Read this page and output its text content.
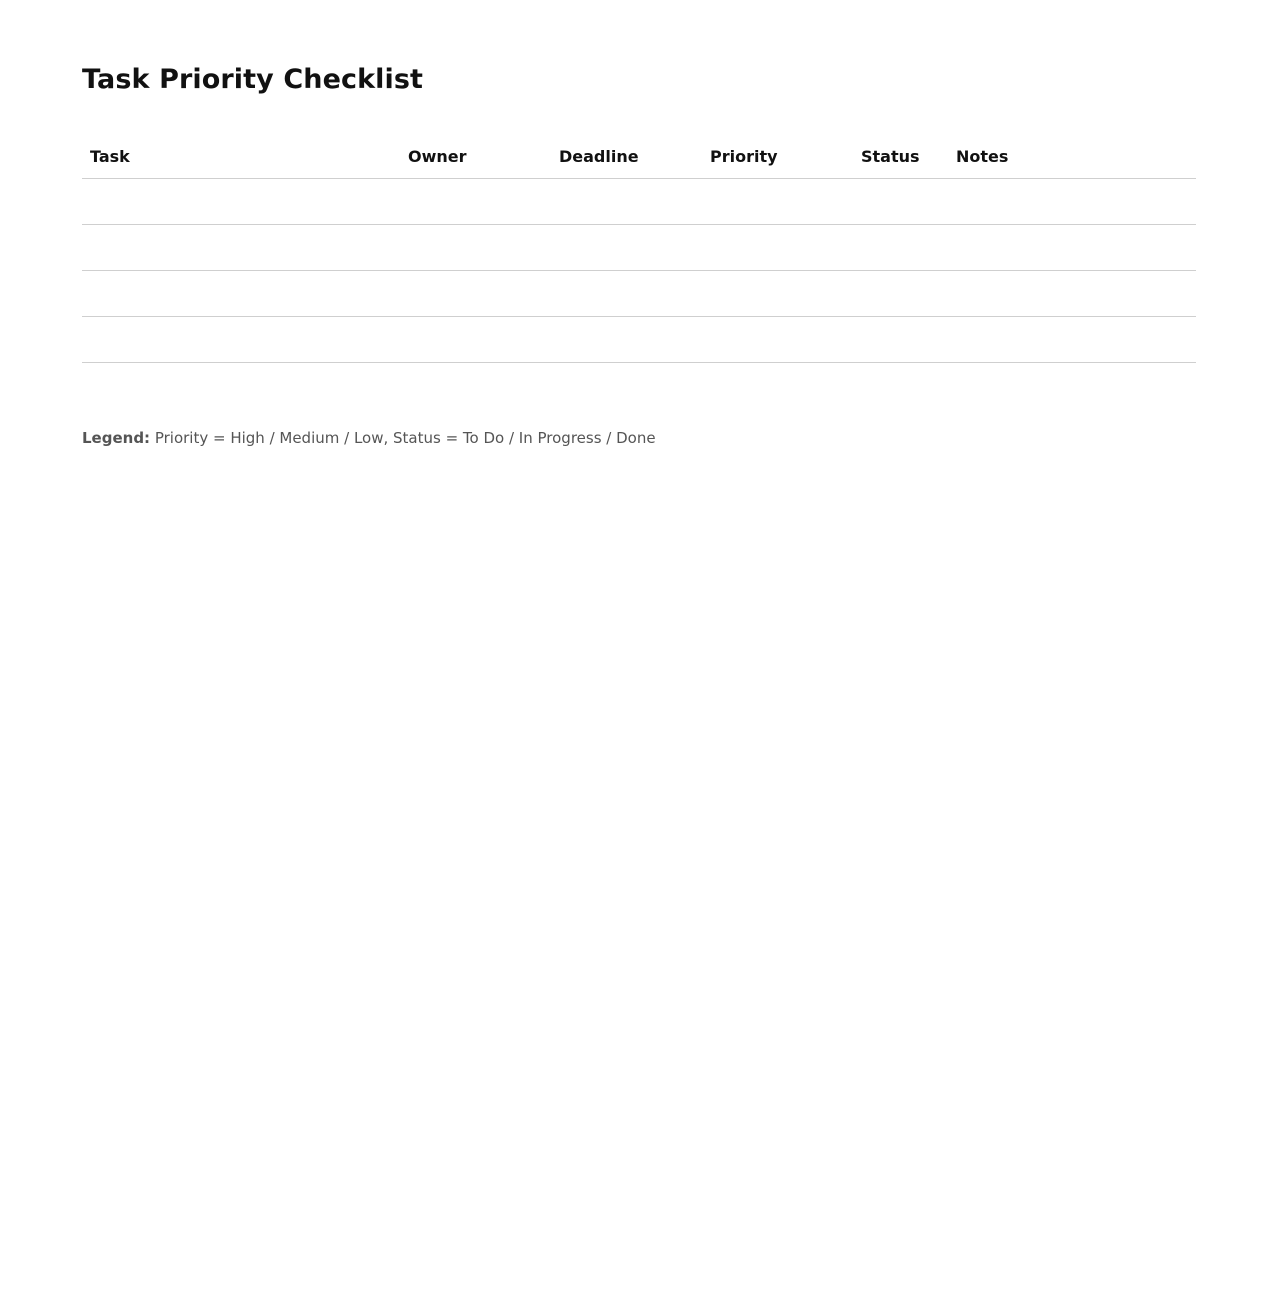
Task Priority Checklist
Task	Owner	Deadline	Priority	Status	Notes

Legend: Priority = High / Medium / Low, Status = To Do / In Progress / Done
